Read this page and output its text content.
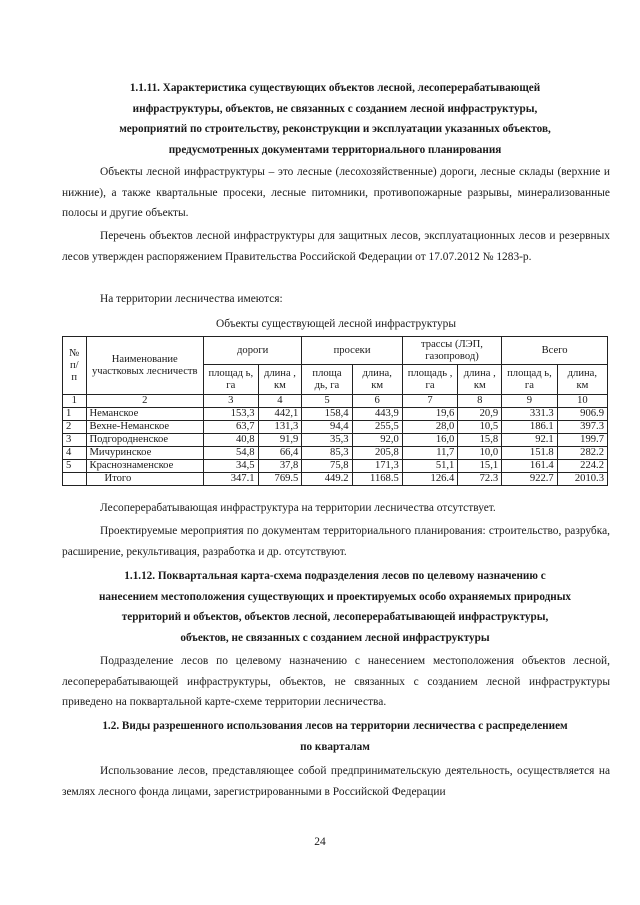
1.1.11. Характеристика существующих объектов лесной, лесоперерабатывающей
инфраструктуры, объектов, не связанных с созданием лесной инфраструктуры,
мероприятий по строительству, реконструкции и эксплуатации указанных объектов,
предусмотренных документами территориального планирования
Объекты лесной инфраструктуры – это лесные (лесохозяйственные) дороги, лесные склады (верхние и нижние), а также квартальные просеки, лесные питомники, противопожарные разрывы, минерализованные полосы и другие объекты.
Перечень объектов лесной инфраструктуры для защитных лесов, эксплуатационных лесов и резервных лесов утвержден распоряжением Правительства Российской Федерации от 17.07.2012 № 1283-р.
На территории лесничества имеются:
Объекты существующей лесной инфраструктуры
№ п/ п	Наименование участковых лесничеств	дороги		просеки		трассы (ЛЭП, газопровод)		Всего	
		площад ь, га	длина , км	площа дь, га	длина, км	площадь , га	длина , км	площад ь, га	длина, км
1	2	3	4	5	6	7	8	9	10
1	Неманское	153,3	442,1	158,4	443,9	19,6	20,9	331.3	906.9
2	Вехне-Неманское	63,7	131,3	94,4	255,5	28,0	10,5	186.1	397.3
3	Подгородненское	40,8	91,9	35,3	92,0	16,0	15,8	92.1	199.7
4	Мичуринское	54,8	66,4	85,3	205,8	11,7	10,0	151.8	282.2
5	Краснознаменское	34,5	37,8	75,8	171,3	51,1	15,1	161.4	224.2
	Итого	347.1	769.5	449.2	1168.5	126.4	72.3	922.7	2010.3
Лесоперерабатывающая инфраструктура на территории лесничества отсутствует.
Проектируемые мероприятия по документам территориального планирования: строительство, разрубка, расширение, рекультивация, разработка и др. отсутствуют.
1.1.12. Поквартальная карта-схема подразделения лесов по целевому назначению с
нанесением местоположения существующих и проектируемых особо охраняемых природных
территорий и объектов, объектов лесной, лесоперерабатывающей инфраструктуры,
объектов, не связанных с созданием лесной инфраструктуры
Подразделение лесов по целевому назначению с нанесением местоположения объектов лесной, лесоперерабатывающей инфраструктуры, объектов, не связанных с созданием лесной инфраструктуры приведено на поквартальной карте-схеме территории лесничества.
1.2. Виды разрешенного использования лесов на территории лесничества с распределением
по кварталам
Использование лесов, представляющее собой предпринимательскую деятельность, осуществляется на землях лесного фонда лицами, зарегистрированными в Российской Федерации
24
